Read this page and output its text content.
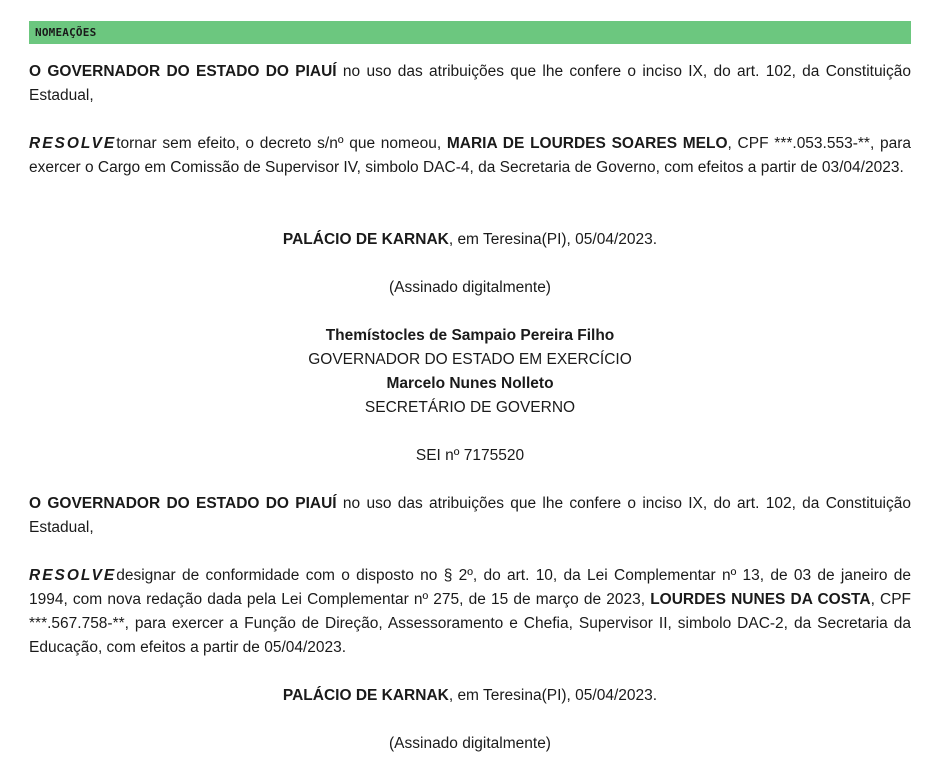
NOMEAÇÕES

O GOVERNADOR DO ESTADO DO PIAUÍ no uso das atribuições que lhe confere o inciso IX, do art. 102, da Constituição Estadual,

RESOLVEtornar sem efeito, o decreto s/nº que nomeou, MARIA DE LOURDES SOARES MELO, CPF ***.053.553-**, para exercer o Cargo em Comissão de Supervisor IV, simbolo DAC-4, da Secretaria de Governo, com efeitos a partir de 03/04/2023.

PALÁCIO DE KARNAK, em Teresina(PI), 05/04/2023.

(Assinado digitalmente)

Themístocles de Sampaio Pereira Filho

GOVERNADOR DO ESTADO EM EXERCÍCIO

Marcelo Nunes Nolleto

SECRETÁRIO DE GOVERNO

SEI nº 7175520

O GOVERNADOR DO ESTADO DO PIAUÍ no uso das atribuições que lhe confere o inciso IX, do art. 102, da Constituição Estadual,

RESOLVEdesignar de conformidade com o disposto no § 2º, do art. 10, da Lei Complementar nº 13, de 03 de janeiro de 1994, com nova redação dada pela Lei Complementar nº 275, de 15 de março de 2023, LOURDES NUNES DA COSTA, CPF ***.567.758-**, para exercer a Função de Direção, Assessoramento e Chefia, Supervisor II, simbolo DAC-2, da Secretaria da Educação, com efeitos a partir de 05/04/2023.

PALÁCIO DE KARNAK, em Teresina(PI), 05/04/2023.

(Assinado digitalmente)
